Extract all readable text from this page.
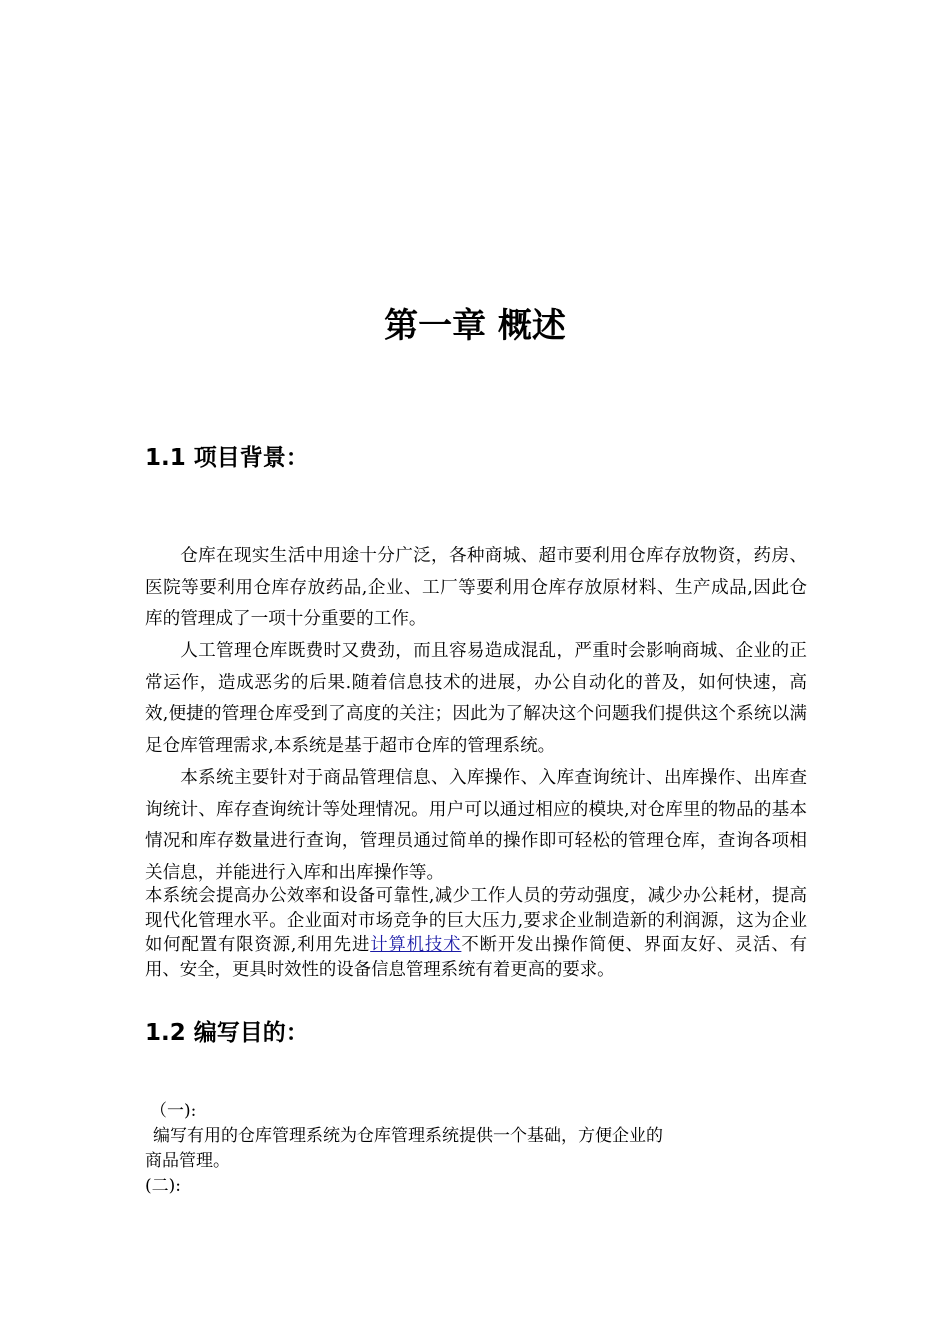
第一章 概述
1.1 项目背景：

仓库在现实生活中用途十分广泛，各种商城、超市要利用仓库存放物资，药房、医院等要利用仓库存放药品,企业、工厂等要利用仓库存放原材料、生产成品,因此仓库的管理成了一项十分重要的工作。

人工管理仓库既费时又费劲，而且容易造成混乱，严重时会影响商城、企业的正常运作，造成恶劣的后果.随着信息技术的进展，办公自动化的普及，如何快速，高效,便捷的管理仓库受到了高度的关注；因此为了解决这个问题我们提供这个系统以满足仓库管理需求,本系统是基于超市仓库的管理系统。

本系统主要针对于商品管理信息、入库操作、入库查询统计、出库操作、出库查询统计、库存查询统计等处理情况。用户可以通过相应的模块,对仓库里的物品的基本情况和库存数量进行查询，管理员通过简单的操作即可轻松的管理仓库，查询各项相关信息，并能进行入库和出库操作等。

本系统会提高办公效率和设备可靠性,减少工作人员的劳动强度，减少办公耗材，提高现代化管理水平。企业面对市场竞争的巨大压力,要求企业制造新的利润源，这为企业如何配置有限资源,利用先进计算机技术不断开发出操作简便、界面友好、灵活、有用、安全，更具时效性的设备信息管理系统有着更高的要求。

1.2 编写目的：

（一):

编写有用的仓库管理系统为仓库管理系统提供一个基础，方便企业的

商品管理。

(二):
